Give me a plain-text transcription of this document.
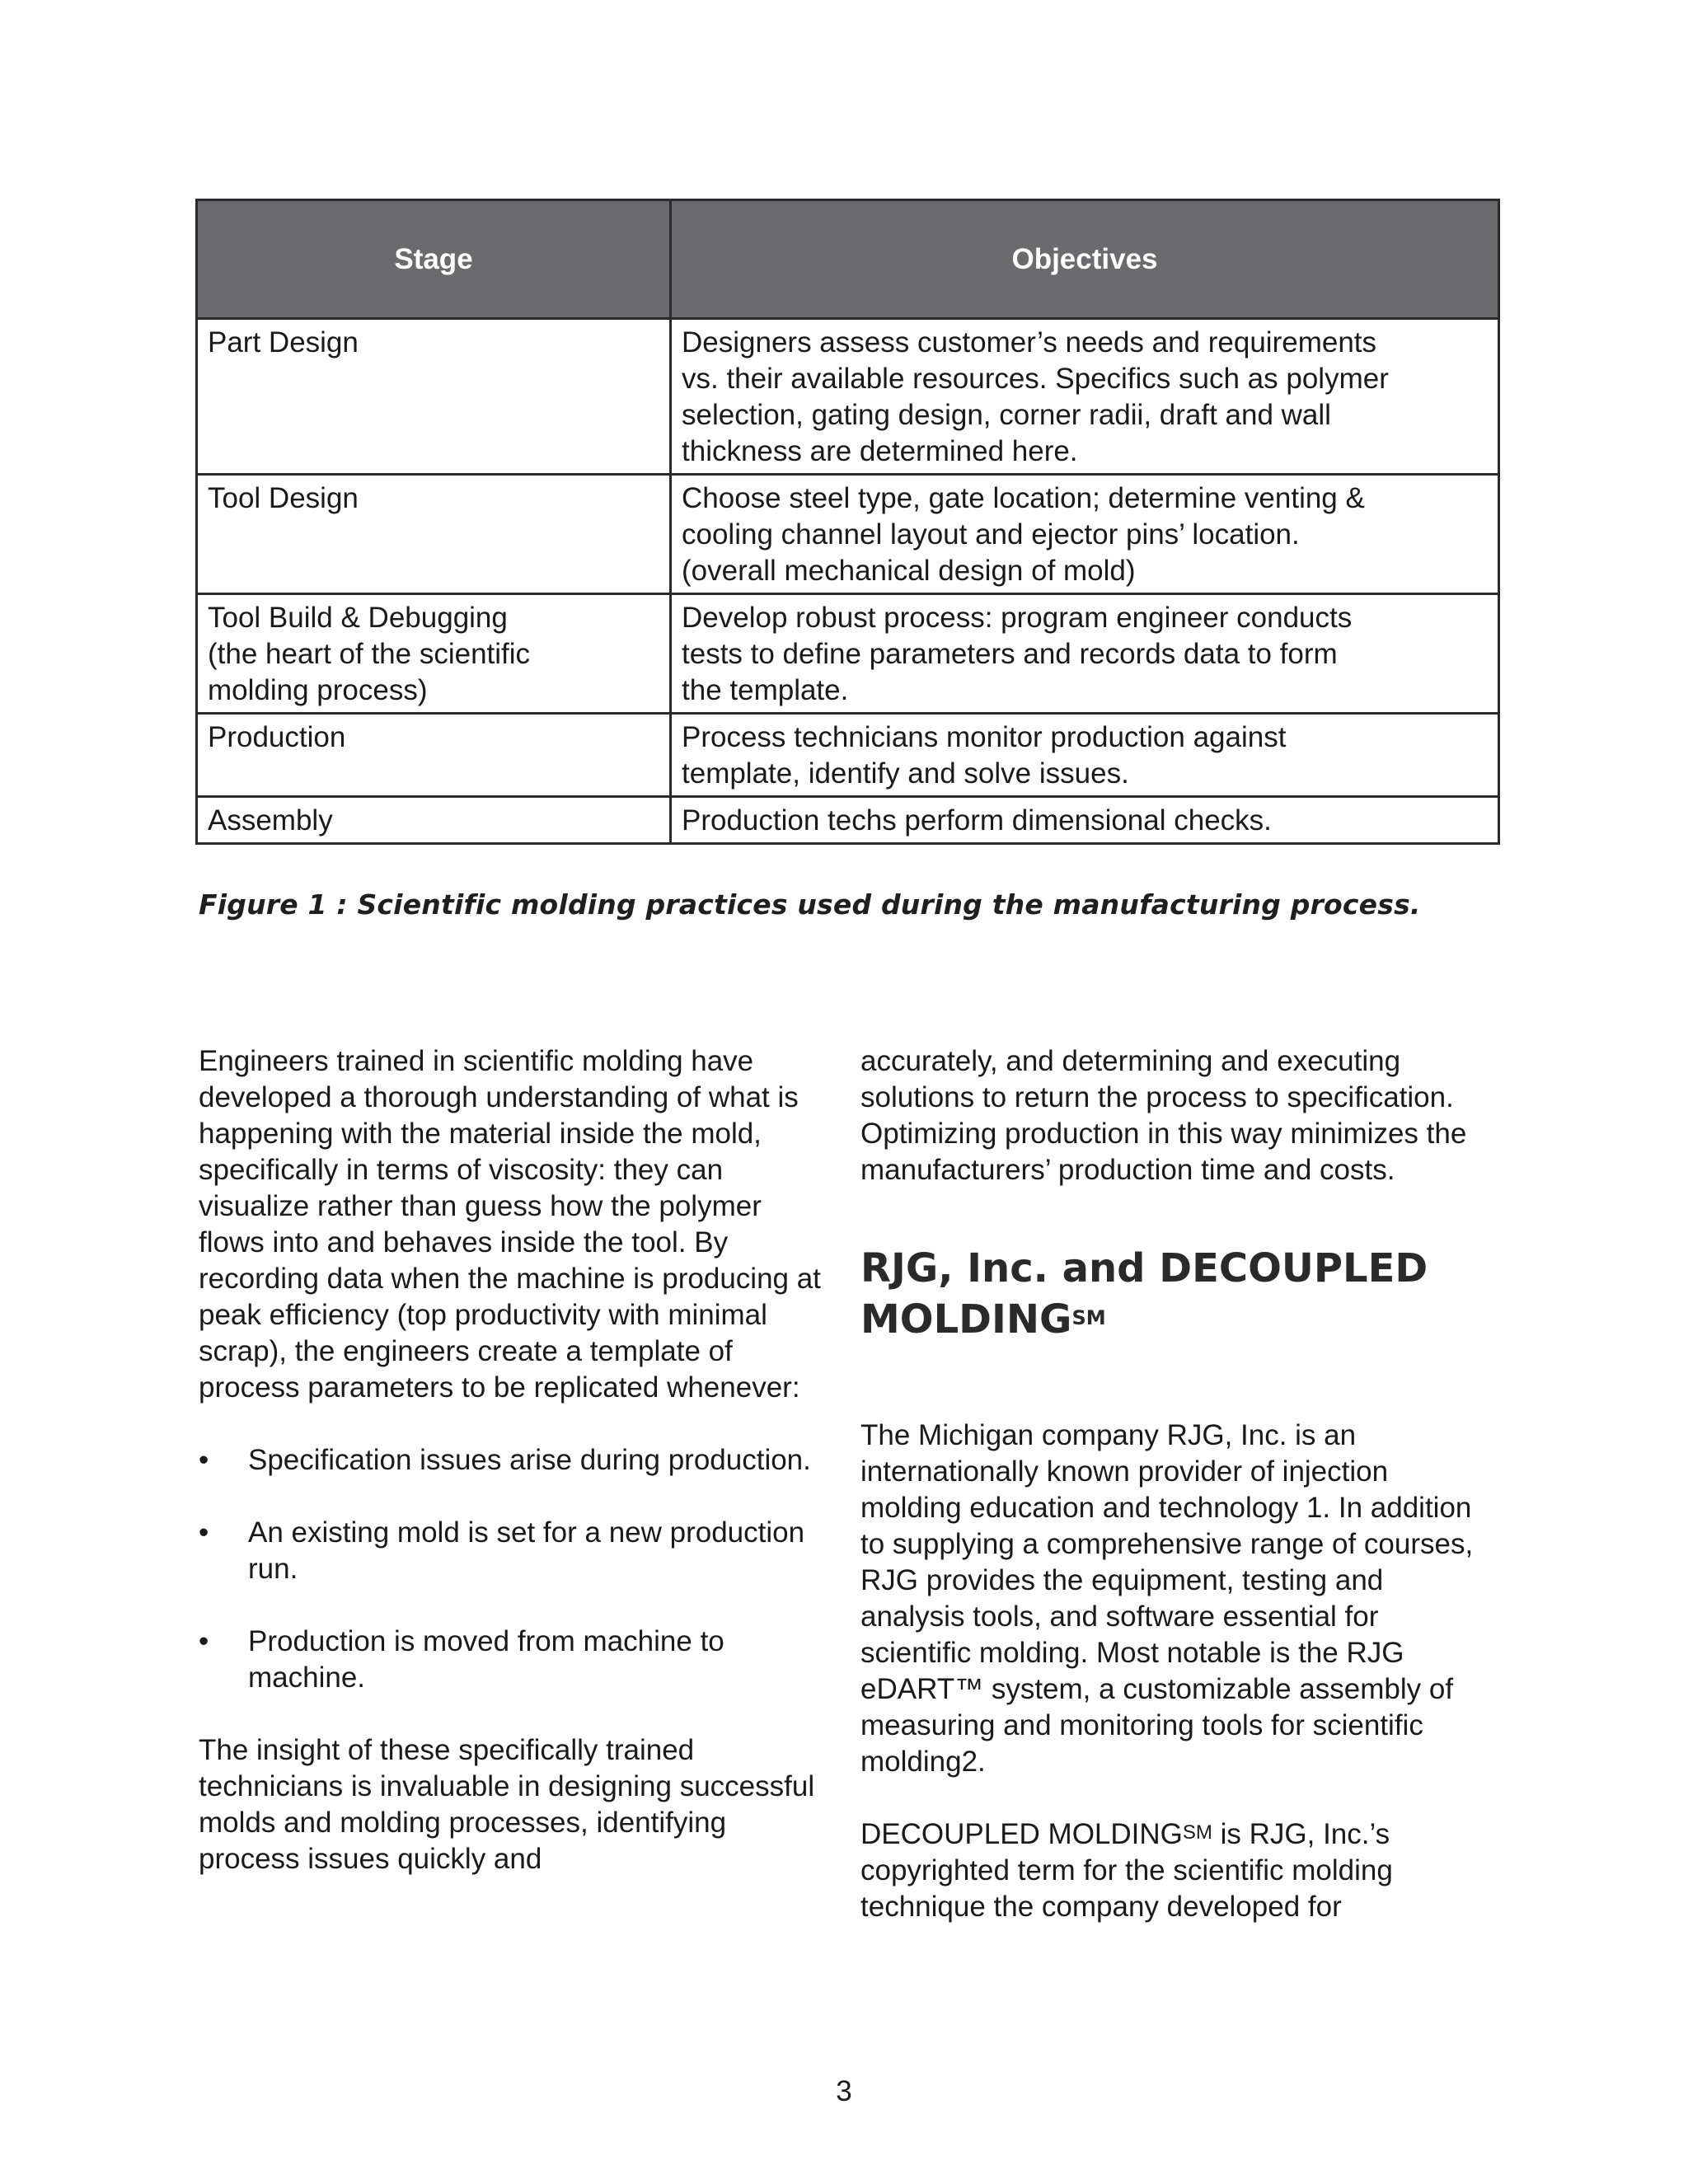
Stage	Objectives
Part Design	Designers assess customer’s needs and requirements
vs. their available resources. Specifics such as polymer
selection, gating design, corner radii, draft and wall
thickness are determined here.
Tool Design	Choose steel type, gate location; determine venting &
cooling channel layout and ejector pins’ location.
(overall mechanical design of mold)
Tool Build & Debugging
(the heart of the scientific
molding process)	Develop robust process: program engineer conducts
tests to define parameters and records data to form
the template.
Production	Process technicians monitor production against
template, identify and solve issues.
Assembly	Production techs perform dimensional checks.

Figure 1 : Scientific molding practices used during the manufacturing process.

Engineers trained in scientific molding have developed a thorough understanding of what is happening with the material inside the mold, specifically in terms of viscosity: they can visualize rather than guess how the polymer flows into and behaves inside the tool. By recording data when the machine is producing at peak efficiency (top productivity with minimal scrap), the engineers create a template of process parameters to be replicated whenever:

• Specification issues arise during production.
• An existing mold is set for a new production run.
• Production is moved from machine to machine.

The insight of these specifically trained technicians is invaluable in designing successful molds and molding processes, identifying process issues quickly and

accurately, and determining and executing solutions to return the process to specification. Optimizing production in this way minimizes the manufacturers’ production time and costs.

RJG, Inc. and DECOUPLED MOLDING℠

The Michigan company RJG, Inc. is an internationally known provider of injection molding education and technology 1. In addition to supplying a comprehensive range of courses, RJG provides the equipment, testing and analysis tools, and software essential for scientific molding. Most notable is the RJG eDART™ system, a customizable assembly of measuring and monitoring tools for scientific molding2.

DECOUPLED MOLDING℠ is RJG, Inc.’s copyrighted term for the scientific molding technique the company developed for

3
